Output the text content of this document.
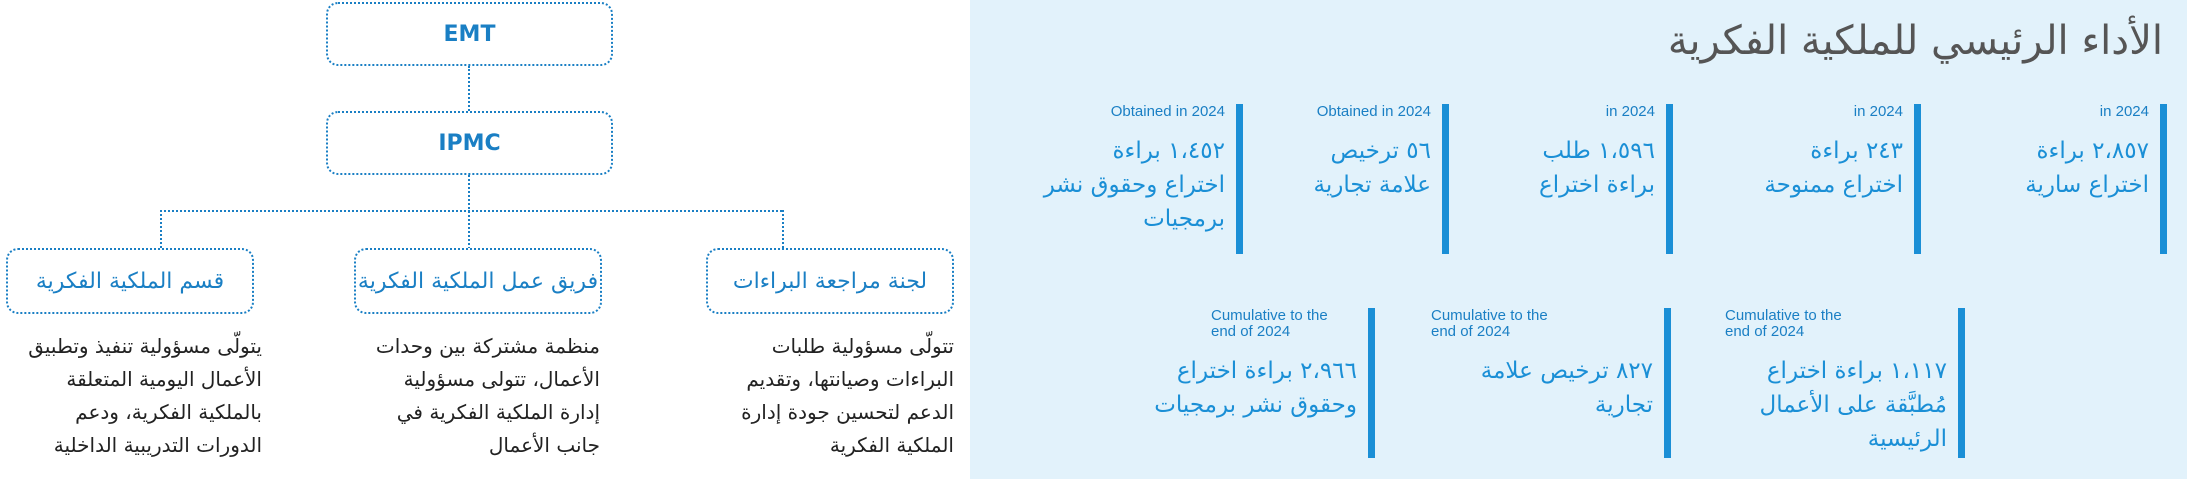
EMT
IPMC
لجنة مراجعة البراءات
تتولّى مسؤولية طلبات
البراءات وصيانتها، وتقديم
الدعم لتحسين جودة إدارة
الملكية الفكرية
فريق عمل الملكية الفكرية
منظمة مشتركة بين وحدات
الأعمال، تتولى مسؤولية
إدارة الملكية الفكرية في
جانب الأعمال
قسم الملكية الفكرية
يتولّى مسؤولية تنفيذ وتطبيق
الأعمال اليومية المتعلقة
بالملكية الفكرية، ودعم
الدورات التدريبية الداخلية
الأداء الرئيسي للملكية الفكرية
in 2024
٢،٨٥٧ براءة
اختراع سارية
in 2024
٢٤٣ براءة
اختراع ممنوحة
in 2024
١،٥٩٦ طلب
براءة اختراع
Obtained in 2024
٥٦ ترخيص
علامة تجارية
Obtained in 2024
١،٤٥٢ براءة
اختراع وحقوق نشر
برمجيات
Cumulative to the
end of 2024
١،١١٧ براءة اختراع
مُطبَّقة على الأعمال
الرئيسية
Cumulative to the
end of 2024
٨٢٧ ترخيص علامة
تجارية
Cumulative to the
end of 2024
٢،٩٦٦ براءة اختراع
وحقوق نشر برمجيات
